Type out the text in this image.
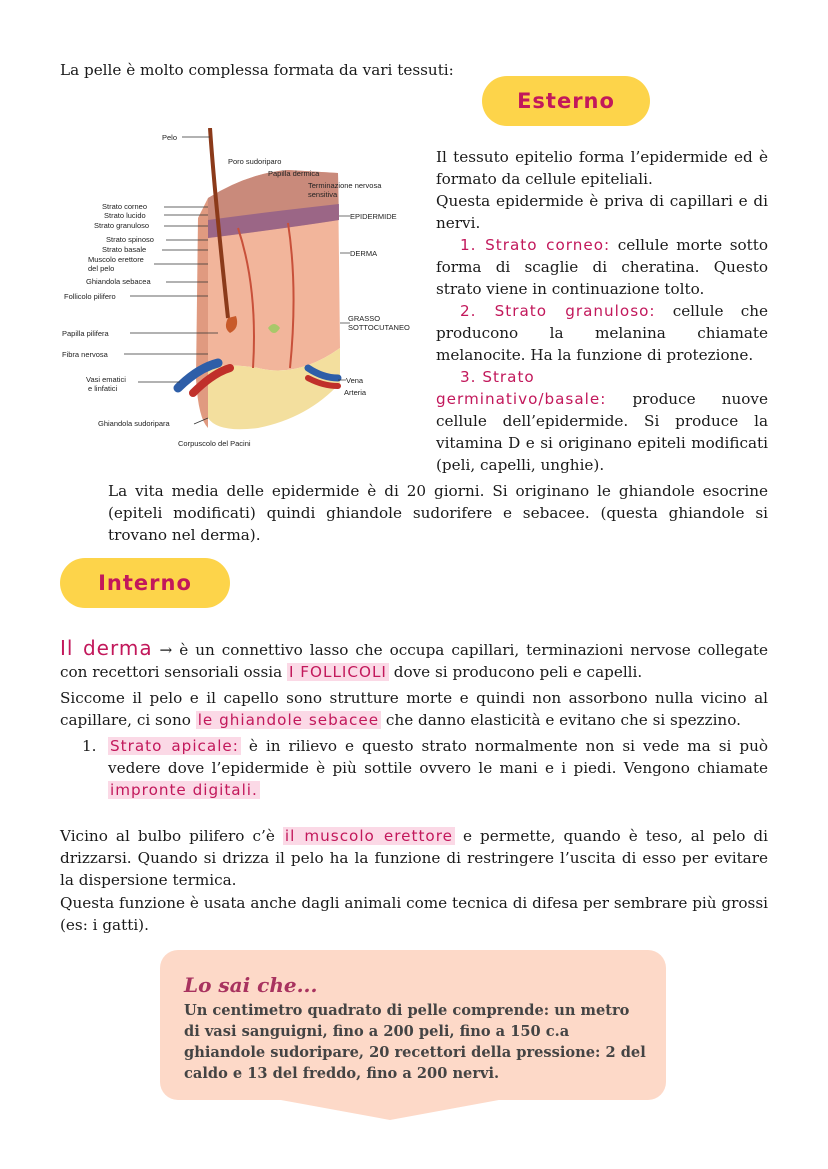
La pelle è molto complessa formata da vari tessuti:
Esterno
Pelo
Poro sudoriparo
Papilla dermica
Terminazione nervosa
sensitiva
Strato corneo
Strato lucido
Strato granuloso
Strato spinoso
Strato basale
Muscolo erettore
del pelo
Ghiandola sebacea
Follicolo pilifero
Papilla pilifera
Fibra nervosa
Vasi ematici
e linfatici
Ghiandola sudoripara
Corpuscolo del Pacini
EPIDERMIDE
DERMA
GRASSO
SOTTOCUTANEO
Vena
Arteria
Il tessuto epitelio forma l’epidermide ed è formato da cellule epiteliali.
Questa epidermide è priva di capillari e di nervi.
1. Strato corneo: cellule morte sotto forma di scaglie di cheratina. Questo strato viene in continuazione tolto.
2. Strato granuloso: cellule che producono la melanina chiamate melanocite. Ha la funzione di protezione.
3. Strato
germinativo/basale: produce nuove cellule dell’epidermide. Si produce la vitamina D e si originano epiteli modificati (peli, capelli, unghie).
La vita media delle epidermide è di 20 giorni. Si originano le ghiandole esocrine (epiteli modificati) quindi ghiandole sudorifere e sebacee. (questa ghiandole si trovano nel derma).
Interno
Il derma → è un connettivo lasso che occupa capillari, terminazioni nervose collegate con recettori sensoriali ossia I FOLLICOLI dove si producono peli e capelli.
Siccome il pelo e il capello sono strutture morte e quindi non assorbono nulla vicino al capillare, ci sono le ghiandole sebacee che danno elasticità e evitano che si spezzino.
1. Strato apicale: è in rilievo e questo strato normalmente non si vede ma si può vedere dove l’epidermide è più sottile ovvero le mani e i piedi. Vengono chiamate impronte digitali.
Vicino al bulbo pilifero c’è il muscolo erettore e permette, quando è teso, al pelo di drizzarsi. Quando si drizza il pelo ha la funzione di restringere l’uscita di esso per evitare la dispersione termica.
Questa funzione è usata anche dagli animali come tecnica di difesa per sembrare più grossi (es: i gatti).
Lo sai che...
Un centimetro quadrato di pelle comprende: un metro di vasi sanguigni, fino a 200 peli, fino a 150 c.a ghiandole sudoripare, 20 recettori della pressione: 2 del caldo e 13 del freddo, fino a 200 nervi.
